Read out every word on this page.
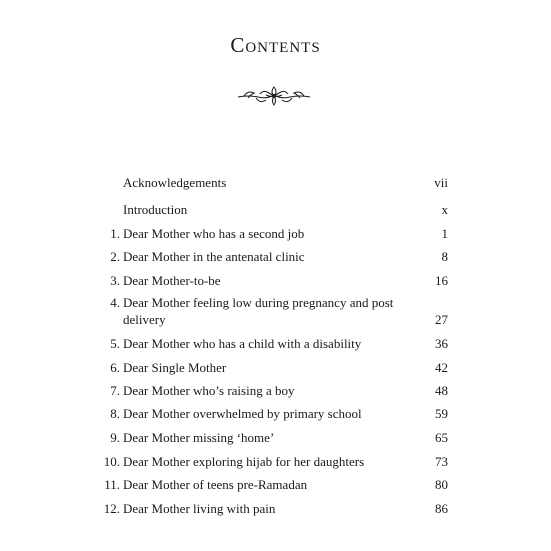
Contents
Acknowledgements	vii
Introduction	x
1. Dear Mother who has a second job	1
2. Dear Mother in the antenatal clinic	8
3. Dear Mother-to-be	16
4. Dear Mother feeling low during pregnancy and post delivery	27
5. Dear Mother who has a child with a disability	36
6. Dear Single Mother	42
7. Dear Mother who’s raising a boy	48
8. Dear Mother overwhelmed by primary school	59
9. Dear Mother missing ‘home’	65
10. Dear Mother exploring hijab for her daughters	73
11. Dear Mother of teens pre-Ramadan	80
12. Dear Mother living with pain	86
